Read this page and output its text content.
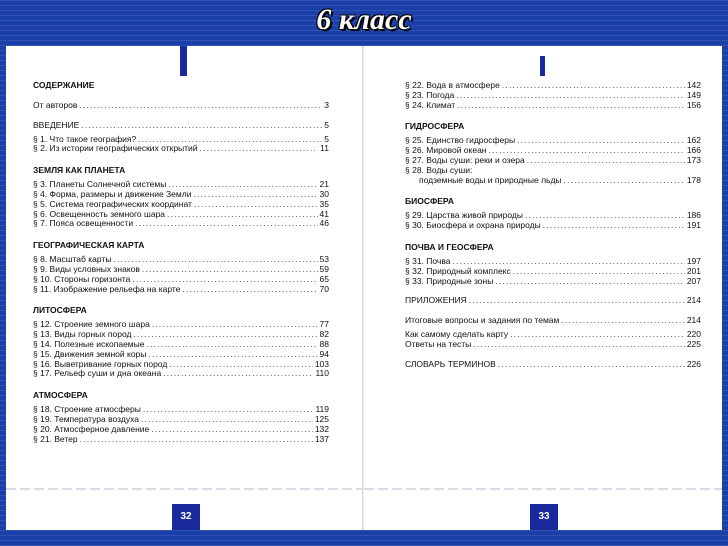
6 класс
СОДЕРЖАНИЕ
От авторов .....	3
ВВЕДЕНИЕ .....	5
§ 1. Что такое география? .....	5
§ 2. Из истории географических открытий .....	11
ЗЕМЛЯ КАК ПЛАНЕТА
§ 3. Планеты Солнечной системы .....	21
§ 4. Форма, размеры и движение Земли .....	30
§ 5. Система географических координат .....	35
§ 6. Освещенность земного шара .....	41
§ 7. Пояса освещенности .....	46
ГЕОГРАФИЧЕСКАЯ КАРТА
§ 8. Масштаб карты .....	53
§ 9. Виды условных знаков .....	59
§ 10. Стороны горизонта .....	65
§ 11. Изображение рельефа на карте .....	70
ЛИТОСФЕРА
§ 12. Строение земного шара .....	77
§ 13. Виды горных пород .....	82
§ 14. Полезные ископаемые .....	88
§ 15. Движения земной коры .....	94
§ 16. Выветривание горных пород .....	103
§ 17. Рельеф суши и дна океана .....	110
АТМОСФЕРА
§ 18. Строение атмосферы .....	119
§ 19. Температура воздуха .....	125
§ 20. Атмосферное давление .....	132
§ 21. Ветер .....	137
32
§ 22. Вода в атмосфере .....	142
§ 23. Погода .....	149
§ 24. Климат .....	156
ГИДРОСФЕРА
§ 25. Единство гидросферы .....	162
§ 26. Мировой океан .....	166
§ 27. Воды суши: реки и озера .....	173
§ 28. Воды суши:
подземные воды и природные льды .....	178
БИОСФЕРА
§ 29. Царства живой природы .....	186
§ 30. Биосфера и охрана природы .....	191
ПОЧВА И ГЕОСФЕРА
§ 31. Почва .....	197
§ 32. Природный комплекс .....	201
§ 33. Природные зоны .....	207
ПРИЛОЖЕНИЯ .....	214
Итоговые вопросы и задания по темам .....	214
Как самому сделать карту .....	220
Ответы на тесты .....	225
СЛОВАРЬ ТЕРМИНОВ .....	226
33
